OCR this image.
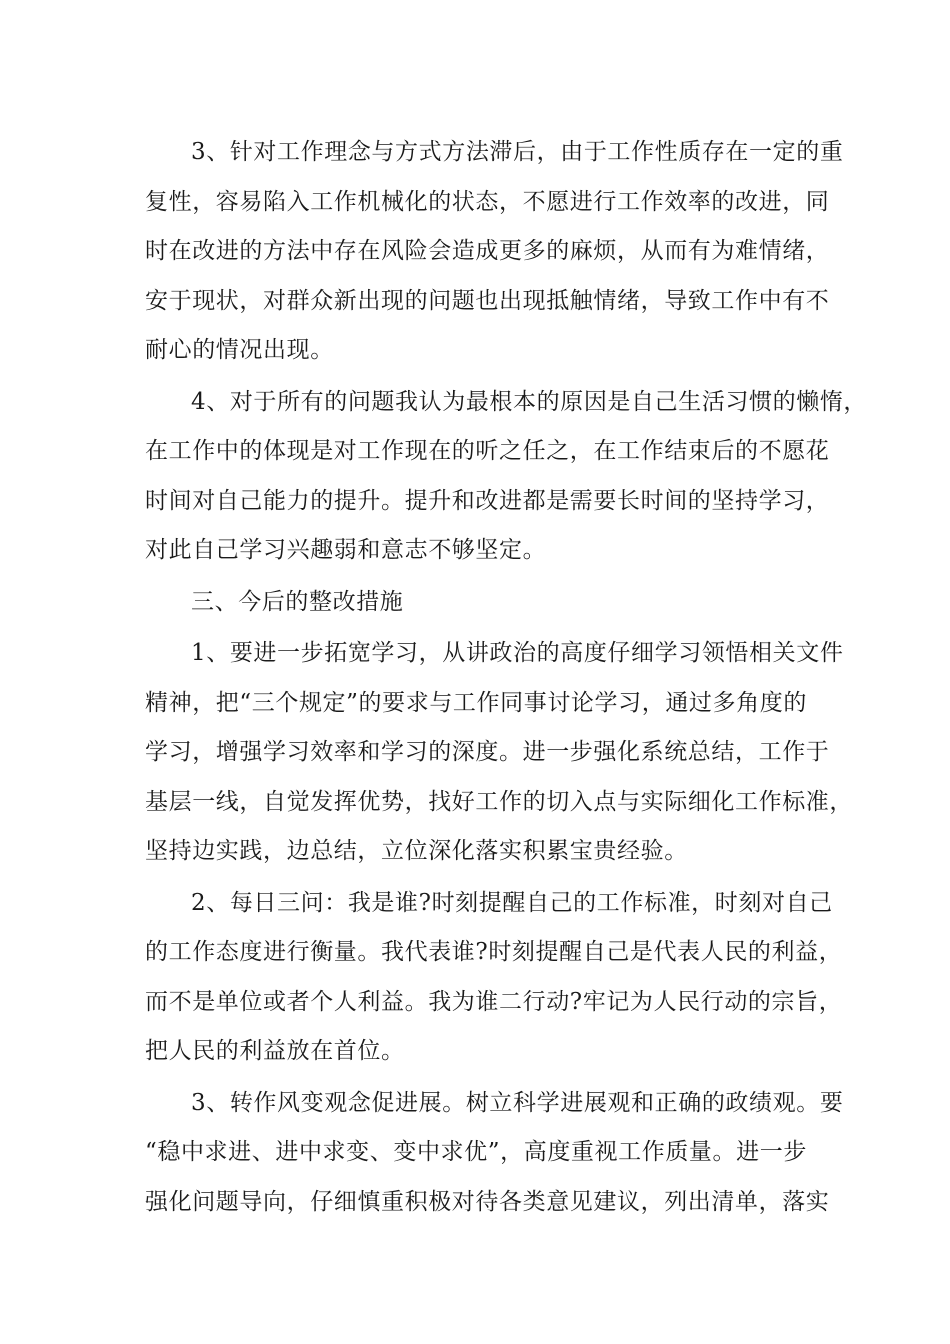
3、针对工作理念与方式方法滞后，由于工作性质存在一定的重
复性，容易陷入工作机械化的状态，不愿进行工作效率的改进，同
时在改进的方法中存在风险会造成更多的麻烦，从而有为难情绪，
安于现状，对群众新出现的问题也出现抵触情绪，导致工作中有不
耐心的情况出现。

4、对于所有的问题我认为最根本的原因是自己生活习惯的懒惰，
在工作中的体现是对工作现在的听之任之，在工作结束后的不愿花
时间对自己能力的提升。提升和改进都是需要长时间的坚持学习，
对此自己学习兴趣弱和意志不够坚定。

三、今后的整改措施

1、要进一步拓宽学习，从讲政治的高度仔细学习领悟相关文件
精神，把“三个规定”的要求与工作同事讨论学习，通过多角度的
学习，增强学习效率和学习的深度。进一步强化系统总结，工作于
基层一线，自觉发挥优势，找好工作的切入点与实际细化工作标准，
坚持边实践，边总结，立位深化落实积累宝贵经验。

2、每日三问：我是谁?时刻提醒自己的工作标准，时刻对自己
的工作态度进行衡量。我代表谁?时刻提醒自己是代表人民的利益，
而不是单位或者个人利益。我为谁二行动?牢记为人民行动的宗旨，
把人民的利益放在首位。

3、转作风变观念促进展。树立科学进展观和正确的政绩观。要
“稳中求进、进中求变、变中求优”，高度重视工作质量。进一步
强化问题导向，仔细慎重积极对待各类意见建议，列出清单，落实
